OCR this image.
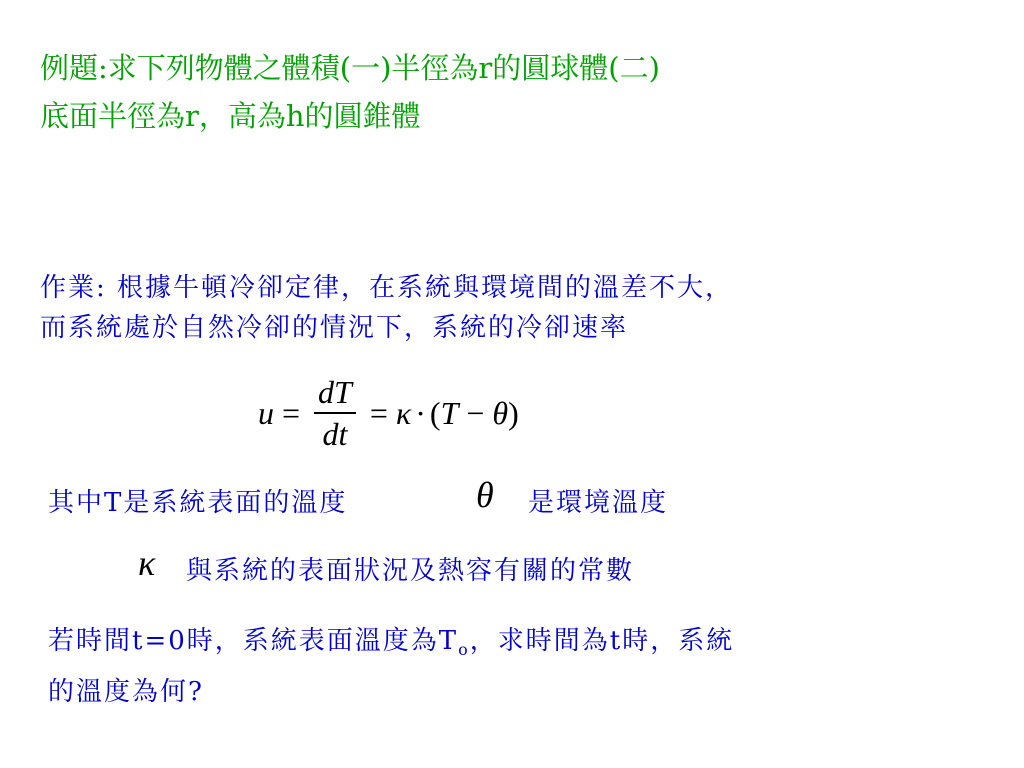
例題:求下列物體之體積(一)半徑為r的圓球體(二)
底面半徑為r，高為h的圓錐體
作業: 根據牛頓冷卻定律，在系統與環境間的溫差不大，
而系統處於自然冷卻的情況下，系統的冷卻速率
$u = \frac{dT}{dt} = \kappa$ · ( T − θ )
其中T是系統表面的溫度	θ 是環境溫度
κ 與系統的表面狀況及熱容有關的常數
若時間t=0時，系統表面溫度為$T_o$，求時間為t時，系統
的溫度為何?
